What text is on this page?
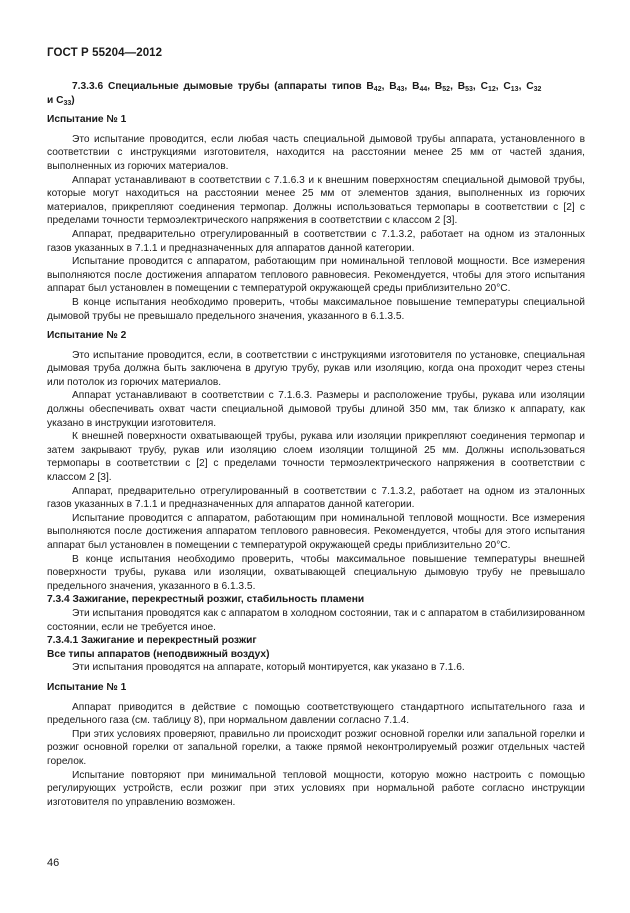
ГОСТ Р 55204—2012

7.3.3.6 Специальные дымовые трубы (аппараты типов $B_{42}$, $B_{43}$, $B_{44}$, $B_{52}$, $B_{53}$, $C_{12}$, $C_{13}$, $C_{32}$

и $C_{33}$)

Испытание № 1

Это испытание проводится, если любая часть специальной дымовой трубы аппарата, установленного в соответствии с инструкциями изготовителя, находится на расстоянии менее 25 мм от частей здания, выполненных из горючих материалов.

Аппарат устанавливают в соответствии с 7.1.6.3 и к внешним поверхностям специальной дымовой трубы, которые могут находиться на расстоянии менее 25 мм от элементов здания, выполненных из горючих материалов, прикрепляют соединения термопар. Должны использоваться термопары в соответствии с [2] с пределами точности термоэлектрического напряжения в соответствии с классом 2 [3].

Аппарат, предварительно отрегулированный в соответствии с 7.1.3.2, работает на одном из эталонных газов указанных в 7.1.1 и предназначенных для аппаратов данной категории.

Испытание проводится с аппаратом, работающим при номинальной тепловой мощности. Все измерения выполняются после достижения аппаратом теплового равновесия. Рекомендуется, чтобы для этого испытания аппарат был установлен в помещении с температурой окружающей среды приблизительно 20°C.

В конце испытания необходимо проверить, чтобы максимальное повышение температуры специальной дымовой трубы не превышало предельного значения, указанного в 6.1.3.5.

Испытание № 2

Это испытание проводится, если, в соответствии с инструкциями изготовителя по установке, специальная дымовая труба должна быть заключена в другую трубу, рукав или изоляцию, когда она проходит через стены или потолок из горючих материалов.

Аппарат устанавливают в соответствии с 7.1.6.3. Размеры и расположение трубы, рукава или изоляции должны обеспечивать охват части специальной дымовой трубы длиной 350 мм, так близко к аппарату, как указано в инструкции изготовителя.

К внешней поверхности охватывающей трубы, рукава или изоляции прикрепляют соединения термопар и затем закрывают трубу, рукав или изоляцию слоем изоляции толщиной 25 мм. Должны использоваться термопары в соответствии с [2] с пределами точности термоэлектрического напряжения в соответствии с классом 2 [3].

Аппарат, предварительно отрегулированный в соответствии с 7.1.3.2, работает на одном из эталонных газов указанных в 7.1.1 и предназначенных для аппаратов данной категории.

Испытание проводится с аппаратом, работающим при номинальной тепловой мощности. Все измерения выполняются после достижения аппаратом теплового равновесия. Рекомендуется, чтобы для этого испытания аппарат был установлен в помещении с температурой окружающей среды приблизительно 20°C.

В конце испытания необходимо проверить, чтобы максимальное повышение температуры внешней поверхности трубы, рукава или изоляции, охватывающей специальную дымовую трубу не превышало предельного значения, указанного в 6.1.3.5.

7.3.4 Зажигание, перекрестный розжиг, стабильность пламени

Эти испытания проводятся как с аппаратом в холодном состоянии, так и с аппаратом в стабилизированном состоянии, если не требуется иное.

7.3.4.1 Зажигание и перекрестный розжиг

Все типы аппаратов (неподвижный воздух)

Эти испытания проводятся на аппарате, который монтируется, как указано в 7.1.6.

Испытание № 1

Аппарат приводится в действие с помощью соответствующего стандартного испытательного газа и предельного газа (см. таблицу 8), при нормальном давлении согласно 7.1.4.

При этих условиях проверяют, правильно ли происходит розжиг основной горелки или запальной горелки и розжиг основной горелки от запальной горелки, а также прямой неконтролируемый розжиг отдельных частей горелок.

Испытание повторяют при минимальной тепловой мощности, которую можно настроить с помощью регулирующих устройств, если розжиг при этих условиях при нормальной работе согласно инструкции изготовителя по управлению возможен.

46
